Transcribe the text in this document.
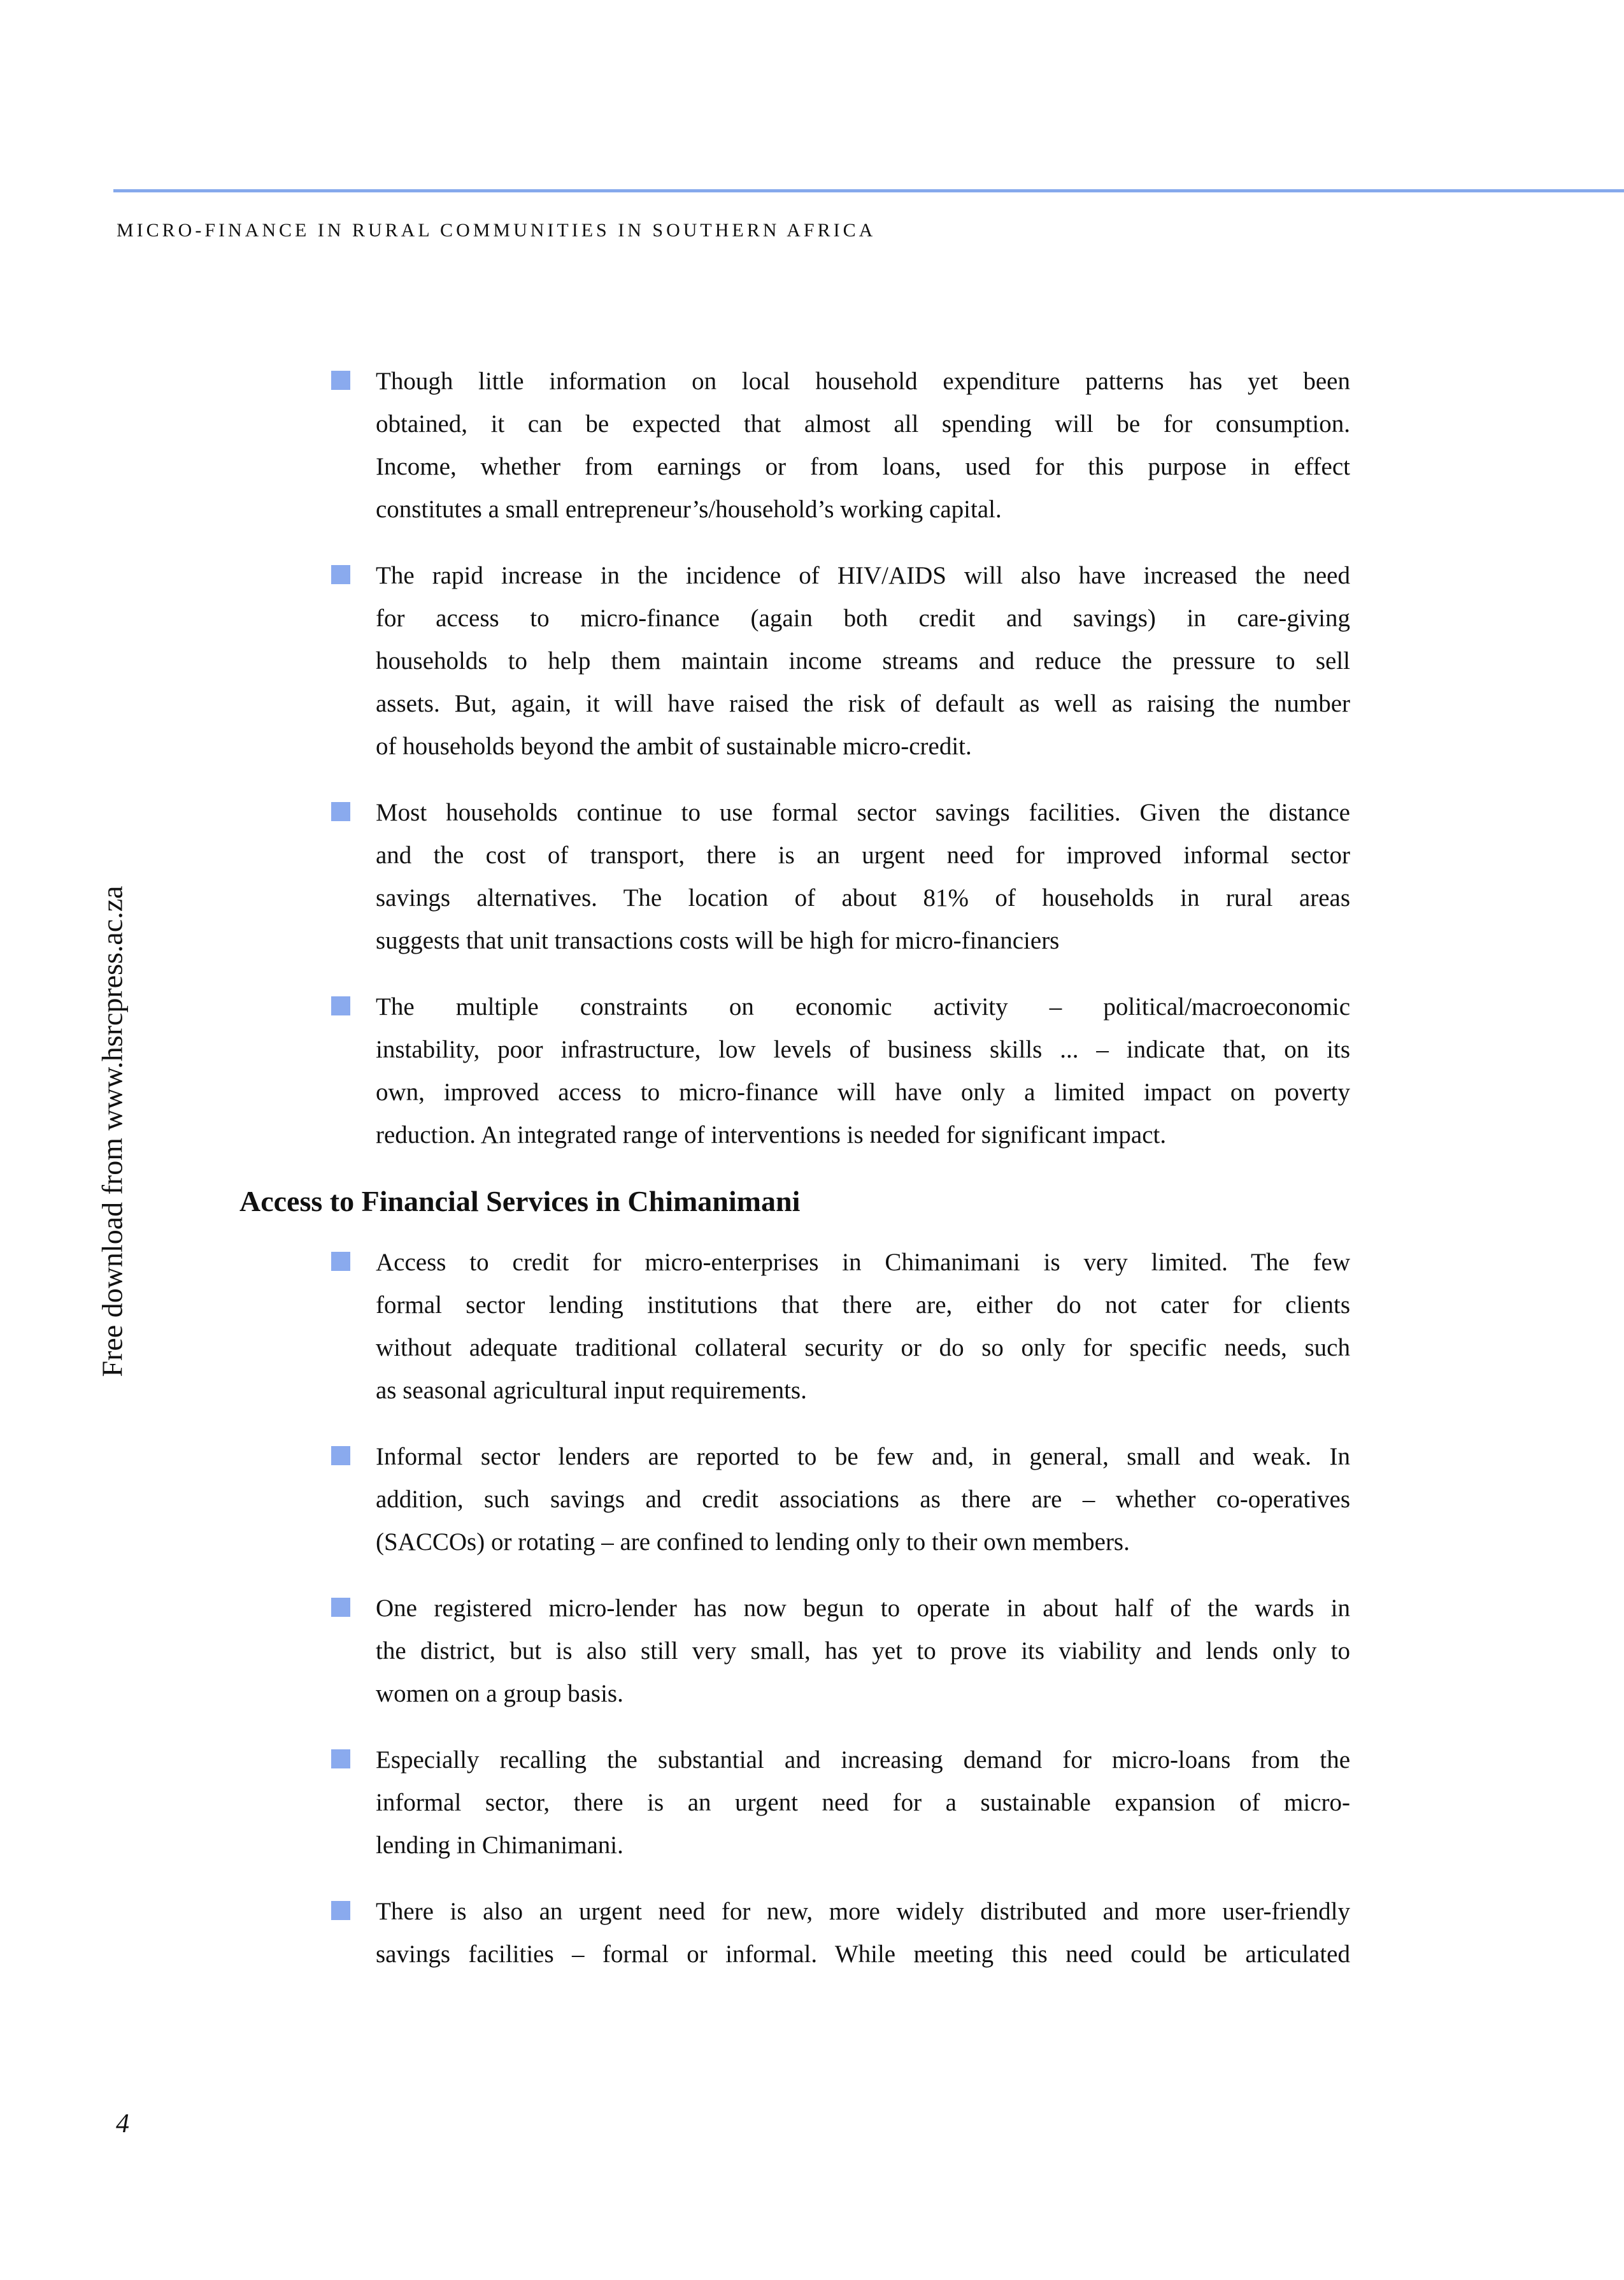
MICRO-FINANCE IN RURAL COMMUNITIES IN SOUTHERN AFRICA
Free download from www.hsrcpress.ac.za
Though little information on local household expenditure patterns has yet been
obtained, it can be expected that almost all spending will be for consumption.
Income, whether from earnings or from loans, used for this purpose in effect
constitutes a small entrepreneur’s/household’s working capital.
The rapid increase in the incidence of HIV/AIDS will also have increased the need
for access to micro-finance (again both credit and savings) in care-giving
households to help them maintain income streams and reduce the pressure to sell
assets. But, again, it will have raised the risk of default as well as raising the number
of households beyond the ambit of sustainable micro-credit.
Most households continue to use formal sector savings facilities. Given the distance
and the cost of transport, there is an urgent need for improved informal sector
savings alternatives. The location of about 81% of households in rural areas
suggests that unit transactions costs will be high for micro-financiers
The multiple constraints on economic activity – political/macroeconomic
instability, poor infrastructure, low levels of business skills ... – indicate that, on its
own, improved access to micro-finance will have only a limited impact on poverty
reduction. An integrated range of interventions is needed for significant impact.
Access to Financial Services in Chimanimani
Access to credit for micro-enterprises in Chimanimani is very limited. The few
formal sector lending institutions that there are, either do not cater for clients
without adequate traditional collateral security or do so only for specific needs, such
as seasonal agricultural input requirements.
Informal sector lenders are reported to be few and, in general, small and weak. In
addition, such savings and credit associations as there are – whether co-operatives
(SACCOs) or rotating – are confined to lending only to their own members.
One registered micro-lender has now begun to operate in about half of the wards in
the district, but is also still very small, has yet to prove its viability and lends only to
women on a group basis.
Especially recalling the substantial and increasing demand for micro-loans from the
informal sector, there is an urgent need for a sustainable expansion of micro-
lending in Chimanimani.
There is also an urgent need for new, more widely distributed and more user-friendly
savings facilities – formal or informal. While meeting this need could be articulated
4
